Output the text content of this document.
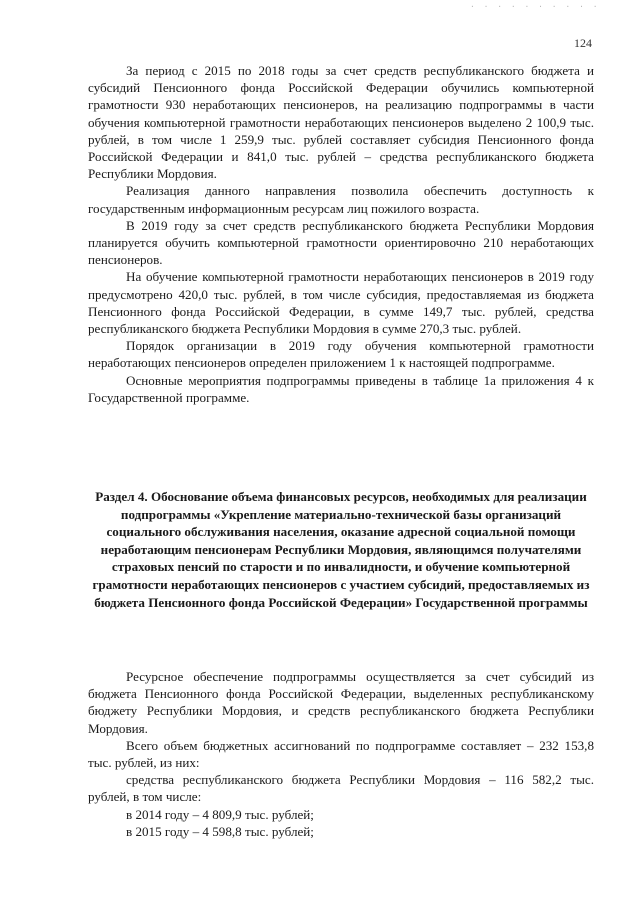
· · · · · · · · · ·
124

За период с 2015 по 2018 годы за счет средств республиканского бюджета и субсидий Пенсионного фонда Российской Федерации обучились компьютерной грамотности 930 неработающих пенсионеров, на реализацию подпрограммы в части обучения компьютерной грамотности неработающих пенсионеров выделено 2 100,9 тыс. рублей, в том числе 1 259,9 тыс. рублей составляет субсидия Пенсионного фонда Российской Федерации и 841,0 тыс. рублей – средства республиканского бюджета Республики Мордовия.

Реализация данного направления позволила обеспечить доступность к государственным информационным ресурсам лиц пожилого возраста.

В 2019 году за счет средств республиканского бюджета Республики Мордовия планируется обучить компьютерной грамотности ориентировочно 210 неработающих пенсионеров.

На обучение компьютерной грамотности неработающих пенсионеров в 2019 году предусмотрено 420,0 тыс. рублей, в том числе субсидия, предоставляемая из бюджета Пенсионного фонда Российской Федерации, в сумме 149,7 тыс. рублей, средства республиканского бюджета Республики Мордовия в сумме 270,3 тыс. рублей.

Порядок организации в 2019 году обучения компьютерной грамотности неработающих пенсионеров определен приложением 1 к настоящей подпрограмме.

Основные мероприятия подпрограммы приведены в таблице 1а приложения 4 к Государственной программе.

Раздел 4. Обоснование объема финансовых ресурсов, необходимых для реализации подпрограммы «Укрепление материально-технической базы организаций социального обслуживания населения, оказание адресной социальной помощи неработающим пенсионерам Республики Мордовия, являющимся получателями страховых пенсий по старости и по инвалидности, и обучение компьютерной грамотности неработающих пенсионеров с участием субсидий, предоставляемых из бюджета Пенсионного фонда Российской Федерации» Государственной программы

Ресурсное обеспечение подпрограммы осуществляется за счет субсидий из бюджета Пенсионного фонда Российской Федерации, выделенных республиканскому бюджету Республики Мордовия, и средств республиканского бюджета Республики Мордовия.

Всего объем бюджетных ассигнований по подпрограмме составляет – 232 153,8 тыс. рублей, из них:

средства республиканского бюджета Республики Мордовия – 116 582,2 тыс. рублей, в том числе:

в 2014 году – 4 809,9 тыс. рублей;

в 2015 году – 4 598,8 тыс. рублей;
